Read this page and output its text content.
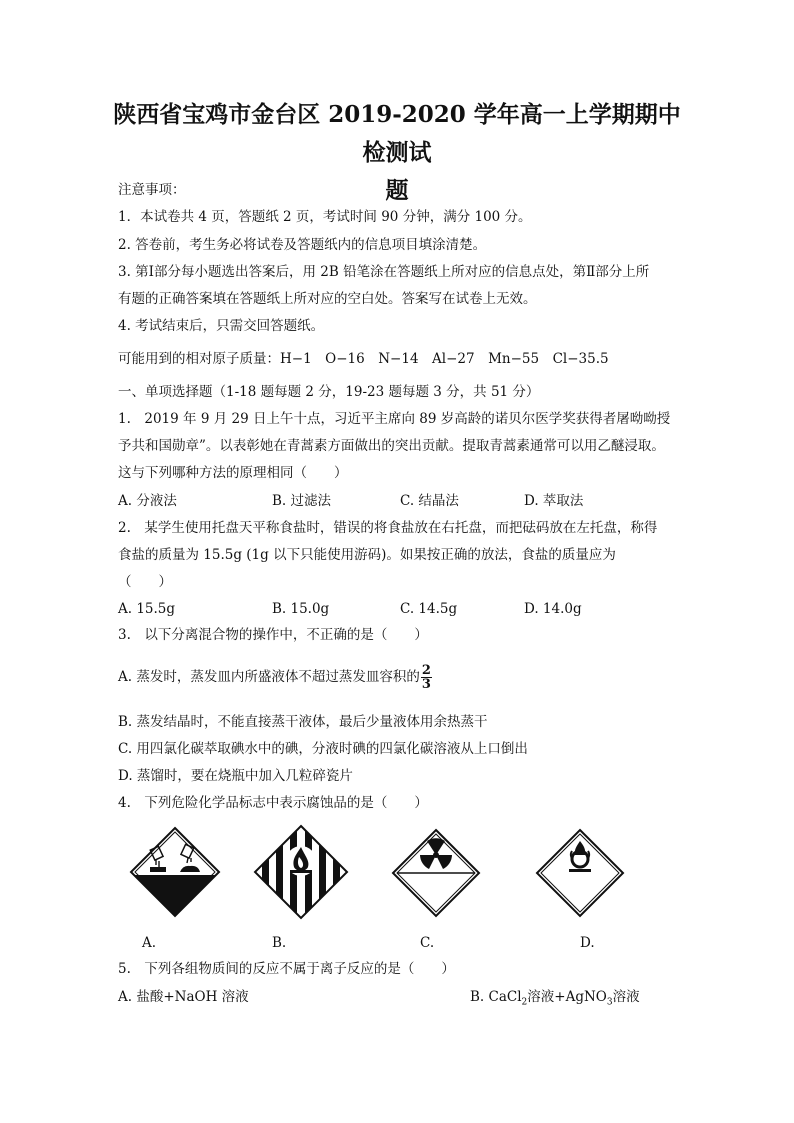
陕西省宝鸡市金台区 2019-2020 学年高一上学期期中检测试
题
注意事项：
1．本试卷共 4 页，答题纸 2 页，考试时间 90 分钟，满分 100 分。
2. 答卷前，考生务必将试卷及答题纸内的信息项目填涂清楚。
3. 第Ⅰ部分每小题选出答案后，用 2B 铅笔涂在答题纸上所对应的信息点处，第Ⅱ部分上所
有题的正确答案填在答题纸上所对应的空白处。答案写在试卷上无效。
4. 考试结束后，只需交回答题纸。
可能用到的相对原子质量：H−1　O−16　N−14　Al−27　Mn−55　Cl−35.5
一、单项选择题（1-18 题每题 2 分，19-23 题每题 3 分，共 51 分）
1.　2019 年 9 月 29 日上午十点，习近平主席向 89 岁高龄的诺贝尔医学奖获得者屠呦呦授
予共和国勋章”。以表彰她在青蒿素方面做出的突出贡献。提取青蒿素通常可以用乙醚浸取。
这与下列哪种方法的原理相同（　　）
A. 分液法	B. 过滤法	C. 结晶法	D. 萃取法
2.　某学生使用托盘天平称食盐时，错误的将食盐放在右托盘，而把砝码放在左托盘，称得
食盐的质量为 15.5g (1g 以下只能使用游码)。如果按正确的放法，食盐的质量应为
（　　）
A. 15.5g	B. 15.0g	C. 14.5g	D. 14.0g
3.　以下分离混合物的操作中，不正确的是（　　）
A. 蒸发时，蒸发皿内所盛液体不超过蒸发皿容积的 $\frac{2}{3}$
B. 蒸发结晶时，不能直接蒸干液体，最后少量液体用余热蒸干
C. 用四氯化碳萃取碘水中的碘，分液时碘的四氯化碳溶液从上口倒出
D. 蒸馏时，要在烧瓶中加入几粒碎瓷片
4.　下列危险化学品标志中表示腐蚀品的是（　　）
A.	B.	C.	D.
5.　下列各组物质间的反应不属于离子反应的是（　　）
A. 盐酸+NaOH 溶液	B. CaCl$_2$溶液+AgNO$_3$溶液
